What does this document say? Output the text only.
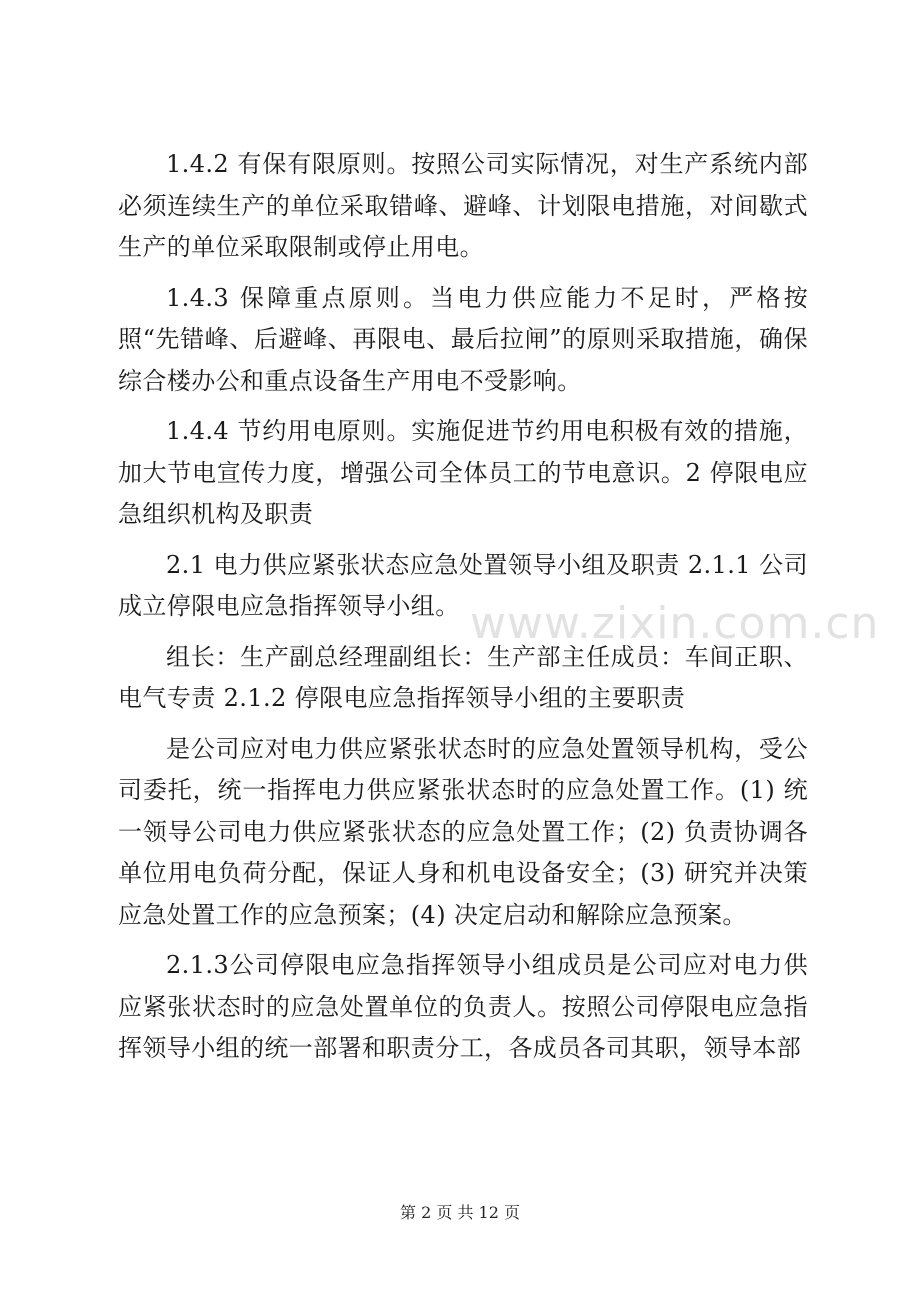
1.4.2 有保有限原则。按照公司实际情况，对生产系统内部必须连续生产的单位采取错峰、避峰、计划限电措施，对间歇式生产的单位采取限制或停止用电。

1.4.3 保障重点原则。当电力供应能力不足时，严格按照“先错峰、后避峰、再限电、最后拉闸”的原则采取措施，确保综合楼办公和重点设备生产用电不受影响。

1.4.4 节约用电原则。实施促进节约用电积极有效的措施，加大节电宣传力度，增强公司全体员工的节电意识。2 停限电应急组织机构及职责

2.1 电力供应紧张状态应急处置领导小组及职责 2.1.1 公司成立停限电应急指挥领导小组。

组长：生产副总经理副组长：生产部主任成员：车间正职、电气专责 2.1.2 停限电应急指挥领导小组的主要职责

是公司应对电力供应紧张状态时的应急处置领导机构，受公司委托，统一指挥电力供应紧张状态时的应急处置工作。(1) 统一领导公司电力供应紧张状态的应急处置工作；(2) 负责协调各单位用电负荷分配，保证人身和机电设备安全；(3) 研究并决策应急处置工作的应急预案；(4) 决定启动和解除应急预案。

2.1.3公司停限电应急指挥领导小组成员是公司应对电力供应紧张状态时的应急处置单位的负责人。按照公司停限电应急指挥领导小组的统一部署和职责分工，各成员各司其职，领导本部

www.zixin.com.cn
第 2 页 共 12 页
